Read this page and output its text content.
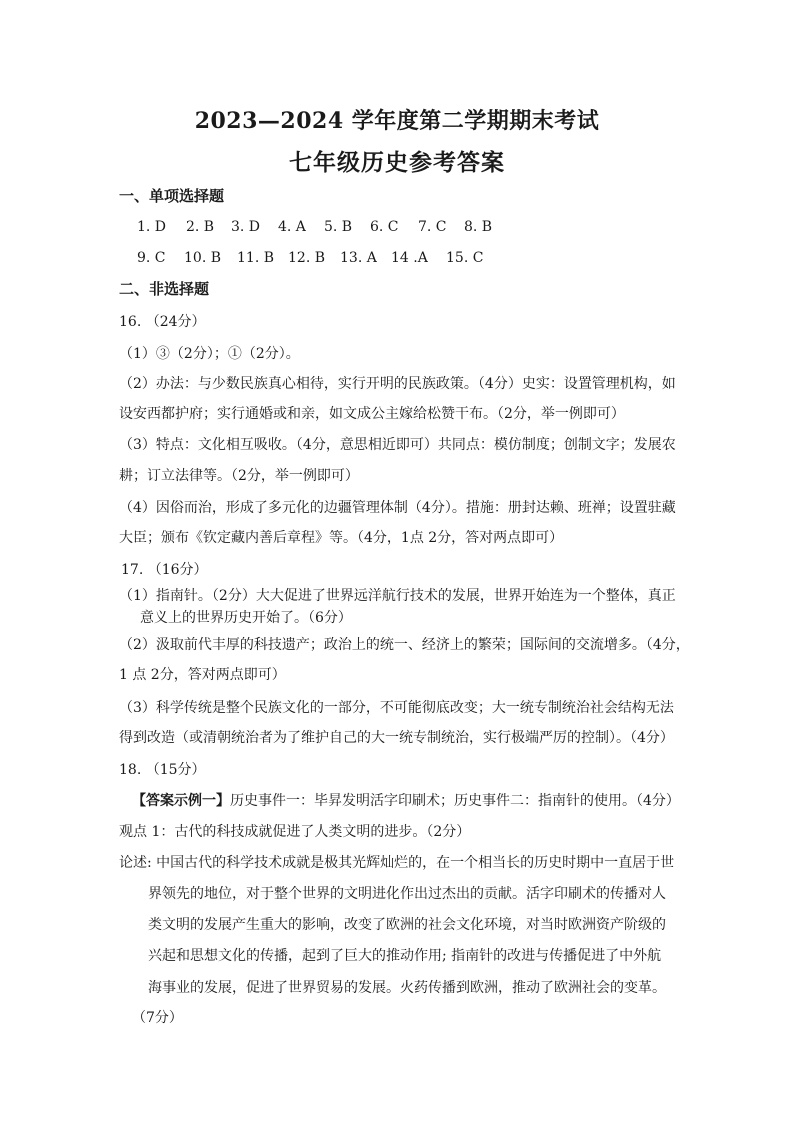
2023—2024 学年度第二学期期末考试
七年级历史参考答案
一、单项选择题
1. D 2. B 3. D 4. A 5. B 6. C 7. C 8. B
9. C 10. B 11. B 12. B 13. A 14 .A 15. C
二、非选择题
16. （24分）
（1）③（2分）；①（2分）。
（2）办法：与少数民族真心相待，实行开明的民族政策。（4分）史实：设置管理机构，如
设安西都护府；实行通婚或和亲，如文成公主嫁给松赞干布。（2分，举一例即可）
（3）特点：文化相互吸收。（4分，意思相近即可）共同点：模仿制度；创制文字；发展农
耕；订立法律等。（2分，举一例即可）
（4）因俗而治，形成了多元化的边疆管理体制（4分）。措施：册封达赖、班禅；设置驻藏
大臣；颁布《钦定藏内善后章程》等。（4分，1点 2分，答对两点即可）
17. （16分）
（1）指南针。（2分）大大促进了世界远洋航行技术的发展，世界开始连为一个整体，真正
意义上的世界历史开始了。（6分）
（2）汲取前代丰厚的科技遗产；政治上的统一、经济上的繁荣；国际间的交流增多。（4分，
1 点 2分，答对两点即可）
（3）科学传统是整个民族文化的一部分，不可能彻底改变；大一统专制统治社会结构无法
得到改造（或清朝统治者为了维护自己的大一统专制统治，实行极端严厉的控制）。（4分）
18. （15分）
【答案示例一】历史事件一：毕昇发明活字印刷术；历史事件二：指南针的使用。（4分）
观点 1：古代的科技成就促进了人类文明的进步。（2分）
论述: 中国古代的科学技术成就是极其光辉灿烂的，在一个相当长的历史时期中一直居于世
界领先的地位，对于整个世界的文明进化作出过杰出的贡献。活字印刷术的传播对人
类文明的发展产生重大的影响，改变了欧洲的社会文化环境，对当时欧洲资产阶级的
兴起和思想文化的传播，起到了巨大的推动作用; 指南针的改进与传播促进了中外航
海事业的发展，促进了世界贸易的发展。火药传播到欧洲，推动了欧洲社会的变革。
（7分）
